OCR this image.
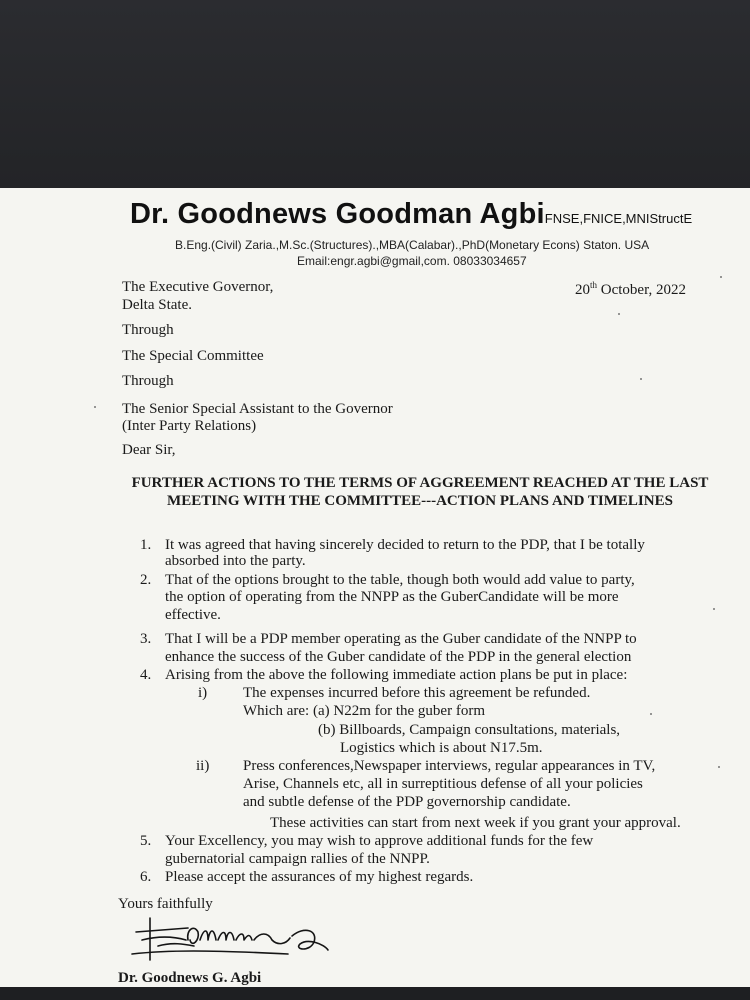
Dr. Goodnews Goodman AgbiFNSE,FNICE,MNIStructE
B.Eng.(Civil) Zaria.,M.Sc.(Structures).,MBA(Calabar).,PhD(Monetary Econs) Staton. USA
Email:engr.agbi@gmail,com. 08033034657
The Executive Governor,
Delta State.
20th October, 2022
Through
The Special Committee
Through
The Senior Special Assistant to the Governor
(Inter Party Relations)
Dear Sir,
FURTHER ACTIONS TO THE TERMS OF AGGREEMENT REACHED AT THE LAST MEETING WITH THE COMMITTEE---ACTION PLANS AND TIMELINES
1. It was agreed that having sincerely decided to return to the PDP, that I be totally
absorbed into the party.
2. That of the options brought to the table, though both would add value to party,
the option of operating from the NNPP as the GuberCandidate will be more
effective.
3. That I will be a PDP member operating as the Guber candidate of the NNPP to
enhance the success of the Guber candidate of the PDP in the general election
4. Arising from the above the following immediate action plans be put in place:
i) The expenses incurred before this agreement be refunded.
Which are: (a) N22m for the guber form
(b) Billboards, Campaign consultations, materials,
Logistics which is about N17.5m.
ii) Press conferences,Newspaper interviews, regular appearances in TV,
Arise, Channels etc, all in surreptitious defense of all your policies
and subtle defense of the PDP governorship candidate.
These activities can start from next week if you grant your approval.
5. Your Excellency, you may wish to approve additional funds for the few
gubernatorial campaign rallies of the NNPP.
6. Please accept the assurances of my highest regards.
Yours faithfully
Dr. Goodnews G. Agbi
